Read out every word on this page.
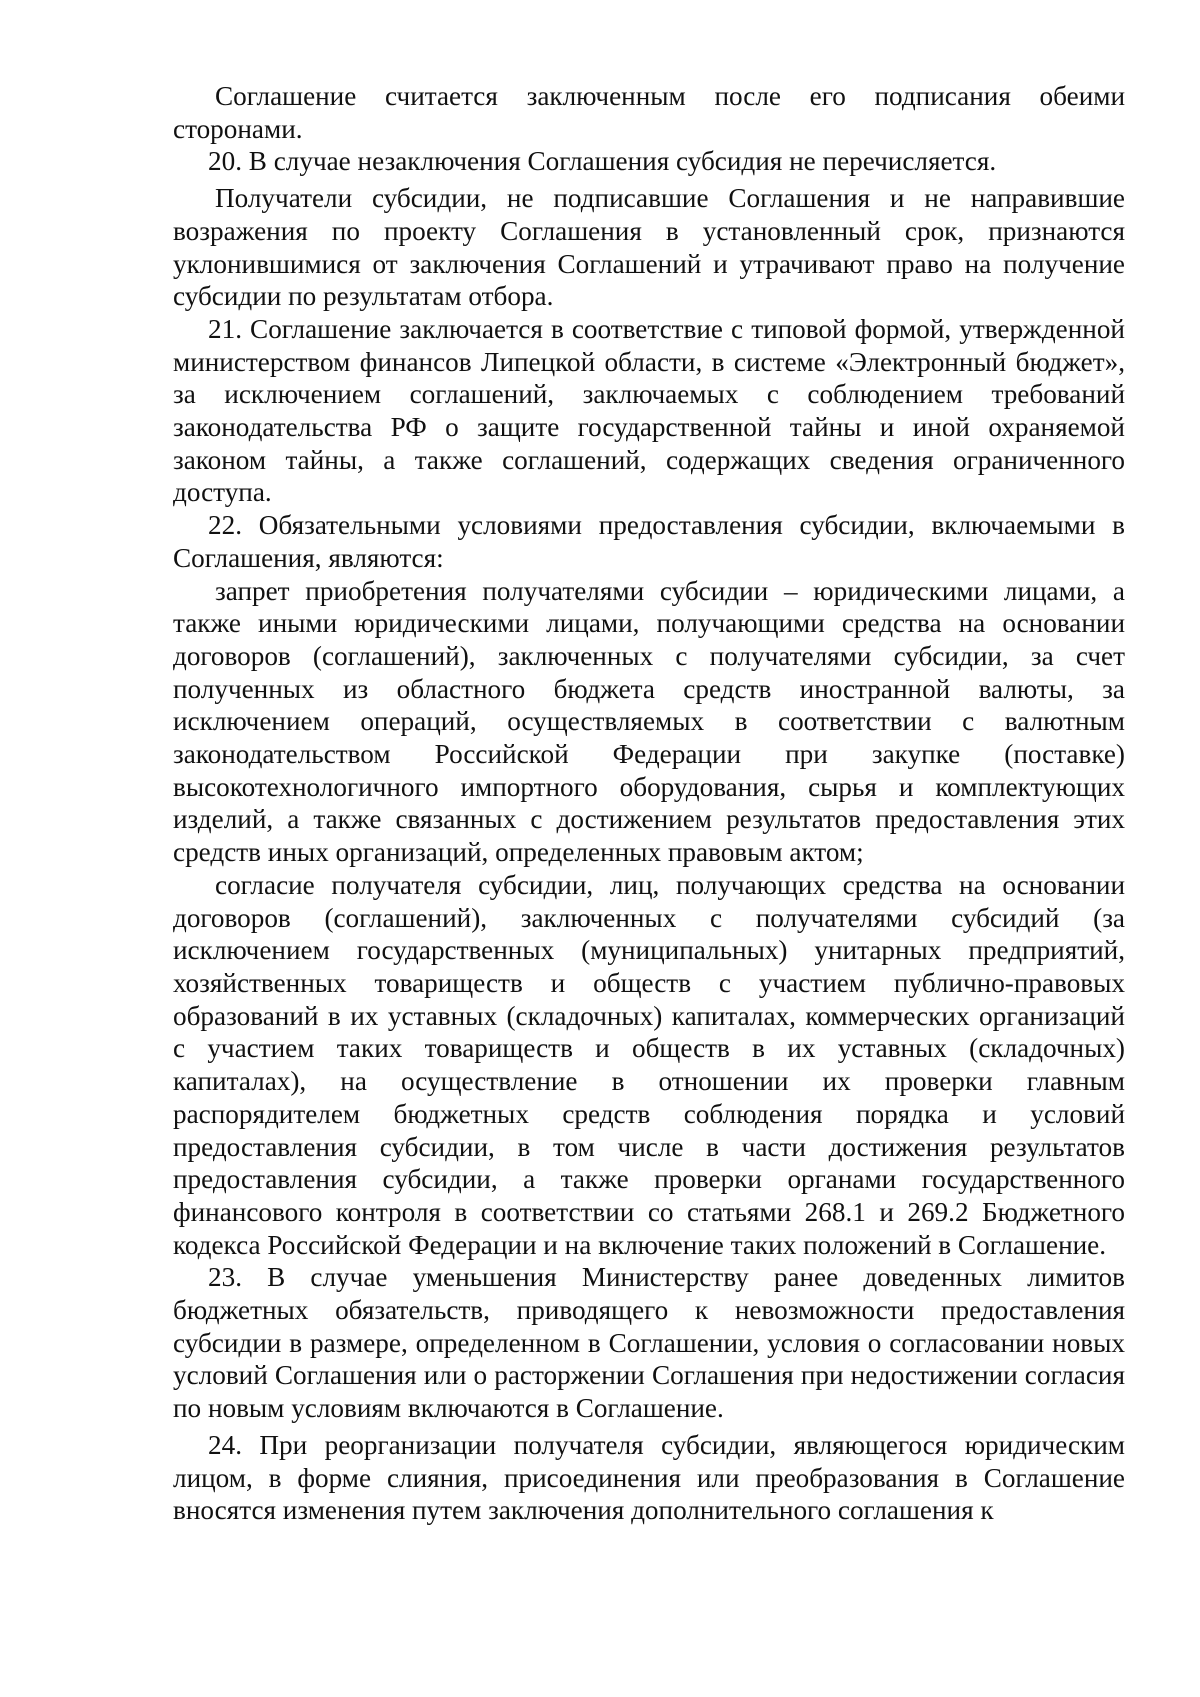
Соглашение считается заключенным после его подписания обеими сторонами.

20. В случае незаключения Соглашения субсидия не перечисляется.

Получатели субсидии, не подписавшие Соглашения и не направившие возражения по проекту Соглашения в установленный срок, признаются уклонившимися от заключения Соглашений и утрачивают право на получение субсидии по результатам отбора.

21. Соглашение заключается в соответствие с типовой формой, утвержденной министерством финансов Липецкой области, в системе «Электронный бюджет», за исключением соглашений, заключаемых с соблюдением требований законодательства РФ о защите государственной тайны и иной охраняемой законом тайны, а также соглашений, содержащих сведения ограниченного доступа.

22. Обязательными условиями предоставления субсидии, включаемыми в Соглашения, являются:

запрет приобретения получателями субсидии – юридическими лицами, а также иными юридическими лицами, получающими средства на основании договоров (соглашений), заключенных с получателями субсидии, за счет полученных из областного бюджета средств иностранной валюты, за исключением операций, осуществляемых в соответствии с валютным законодательством Российской Федерации при закупке (поставке) высокотехнологичного импортного оборудования, сырья и комплектующих изделий, а также связанных с достижением результатов предоставления этих средств иных организаций, определенных правовым актом;

согласие получателя субсидии, лиц, получающих средства на основании договоров (соглашений), заключенных с получателями субсидий (за исключением государственных (муниципальных) унитарных предприятий, хозяйственных товариществ и обществ с участием публично-правовых образований в их уставных (складочных) капиталах, коммерческих организаций с участием таких товариществ и обществ в их уставных (складочных) капиталах), на осуществление в отношении их проверки главным распорядителем бюджетных средств соблюдения порядка и условий предоставления субсидии, в том числе в части достижения результатов предоставления субсидии, а также проверки органами государственного финансового контроля в соответствии со статьями 268.1 и 269.2 Бюджетного кодекса Российской Федерации и на включение таких положений в Соглашение.

23. В случае уменьшения Министерству ранее доведенных лимитов бюджетных обязательств, приводящего к невозможности предоставления субсидии в размере, определенном в Соглашении, условия о согласовании новых условий Соглашения или о расторжении Соглашения при недостижении согласия по новым условиям включаются в Соглашение.

24. При реорганизации получателя субсидии, являющегося юридическим лицом, в форме слияния, присоединения или преобразования в Соглашение вносятся изменения путем заключения дополнительного соглашения к
